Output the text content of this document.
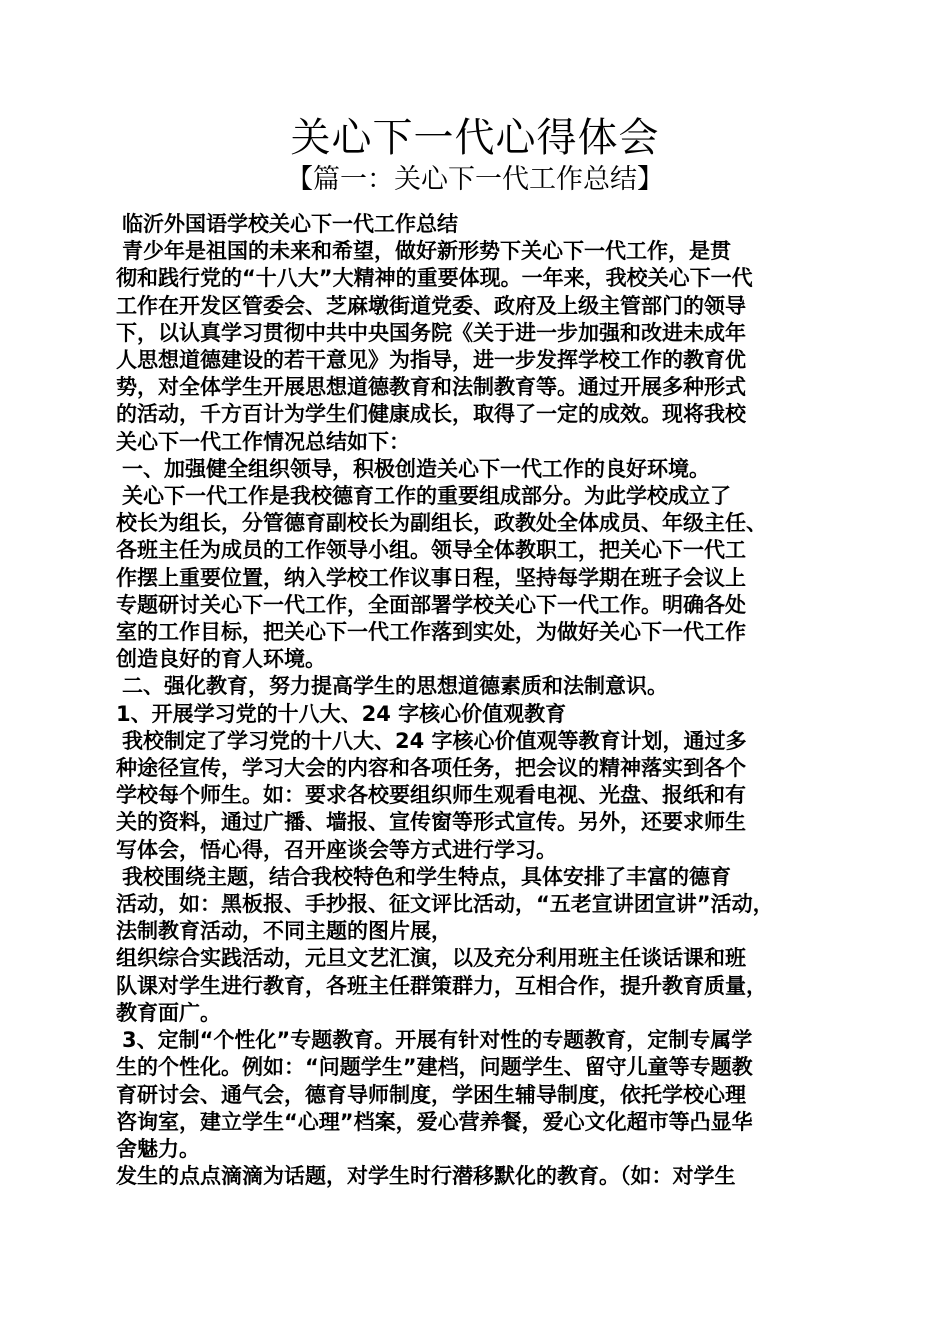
关心下一代心得体会
【篇一：关心下一代工作总结】

临沂外国语学校关心下一代工作总结

青少年是祖国的未来和希望，做好新形势下关心下一代工作，是贯

彻和践行党的“十八大”大精神的重要体现。一年来，我校关心下一代

工作在开发区管委会、芝麻墩街道党委、政府及上级主管部门的领导

下，以认真学习贯彻中共中央国务院《关于进一步加强和改进未成年

人思想道德建设的若干意见》为指导，进一步发挥学校工作的教育优

势，对全体学生开展思想道德教育和法制教育等。通过开展多种形式

的活动，千方百计为学生们健康成长，取得了一定的成效。现将我校

关心下一代工作情况总结如下：

一、加强健全组织领导，积极创造关心下一代工作的良好环境。

关心下一代工作是我校德育工作的重要组成部分。为此学校成立了

校长为组长，分管德育副校长为副组长，政教处全体成员、年级主任、

各班主任为成员的工作领导小组。领导全体教职工，把关心下一代工

作摆上重要位置，纳入学校工作议事日程，坚持每学期在班子会议上

专题研讨关心下一代工作，全面部署学校关心下一代工作。明确各处

室的工作目标，把关心下一代工作落到实处，为做好关心下一代工作

创造良好的育人环境。

二、强化教育，努力提高学生的思想道德素质和法制意识。

1、开展学习党的十八大、24 字核心价值观教育

我校制定了学习党的十八大、24 字核心价值观等教育计划，通过多

种途径宣传，学习大会的内容和各项任务，把会议的精神落实到各个

学校每个师生。如：要求各校要组织师生观看电视、光盘、报纸和有

关的资料，通过广播、墙报、宣传窗等形式宣传。另外，还要求师生

写体会，悟心得，召开座谈会等方式进行学习。

我校围绕主题，结合我校特色和学生特点，具体安排了丰富的德育

活动，如：黑板报、手抄报、征文评比活动，“五老宣讲团宣讲”活动，

法制教育活动，不同主题的图片展，

组织综合实践活动，元旦文艺汇演，以及充分利用班主任谈话课和班

队课对学生进行教育，各班主任群策群力，互相合作，提升教育质量，

教育面广。

3、定制“个性化”专题教育。开展有针对性的专题教育，定制专属学

生的个性化。例如：“问题学生”建档，问题学生、留守儿童等专题教

育研讨会、通气会，德育导师制度，学困生辅导制度，依托学校心理

咨询室，建立学生“心理”档案，爱心营养餐，爱心文化超市等凸显华

舍魅力。

发生的点点滴滴为话题，对学生时行潜移默化的教育。（如：对学生
